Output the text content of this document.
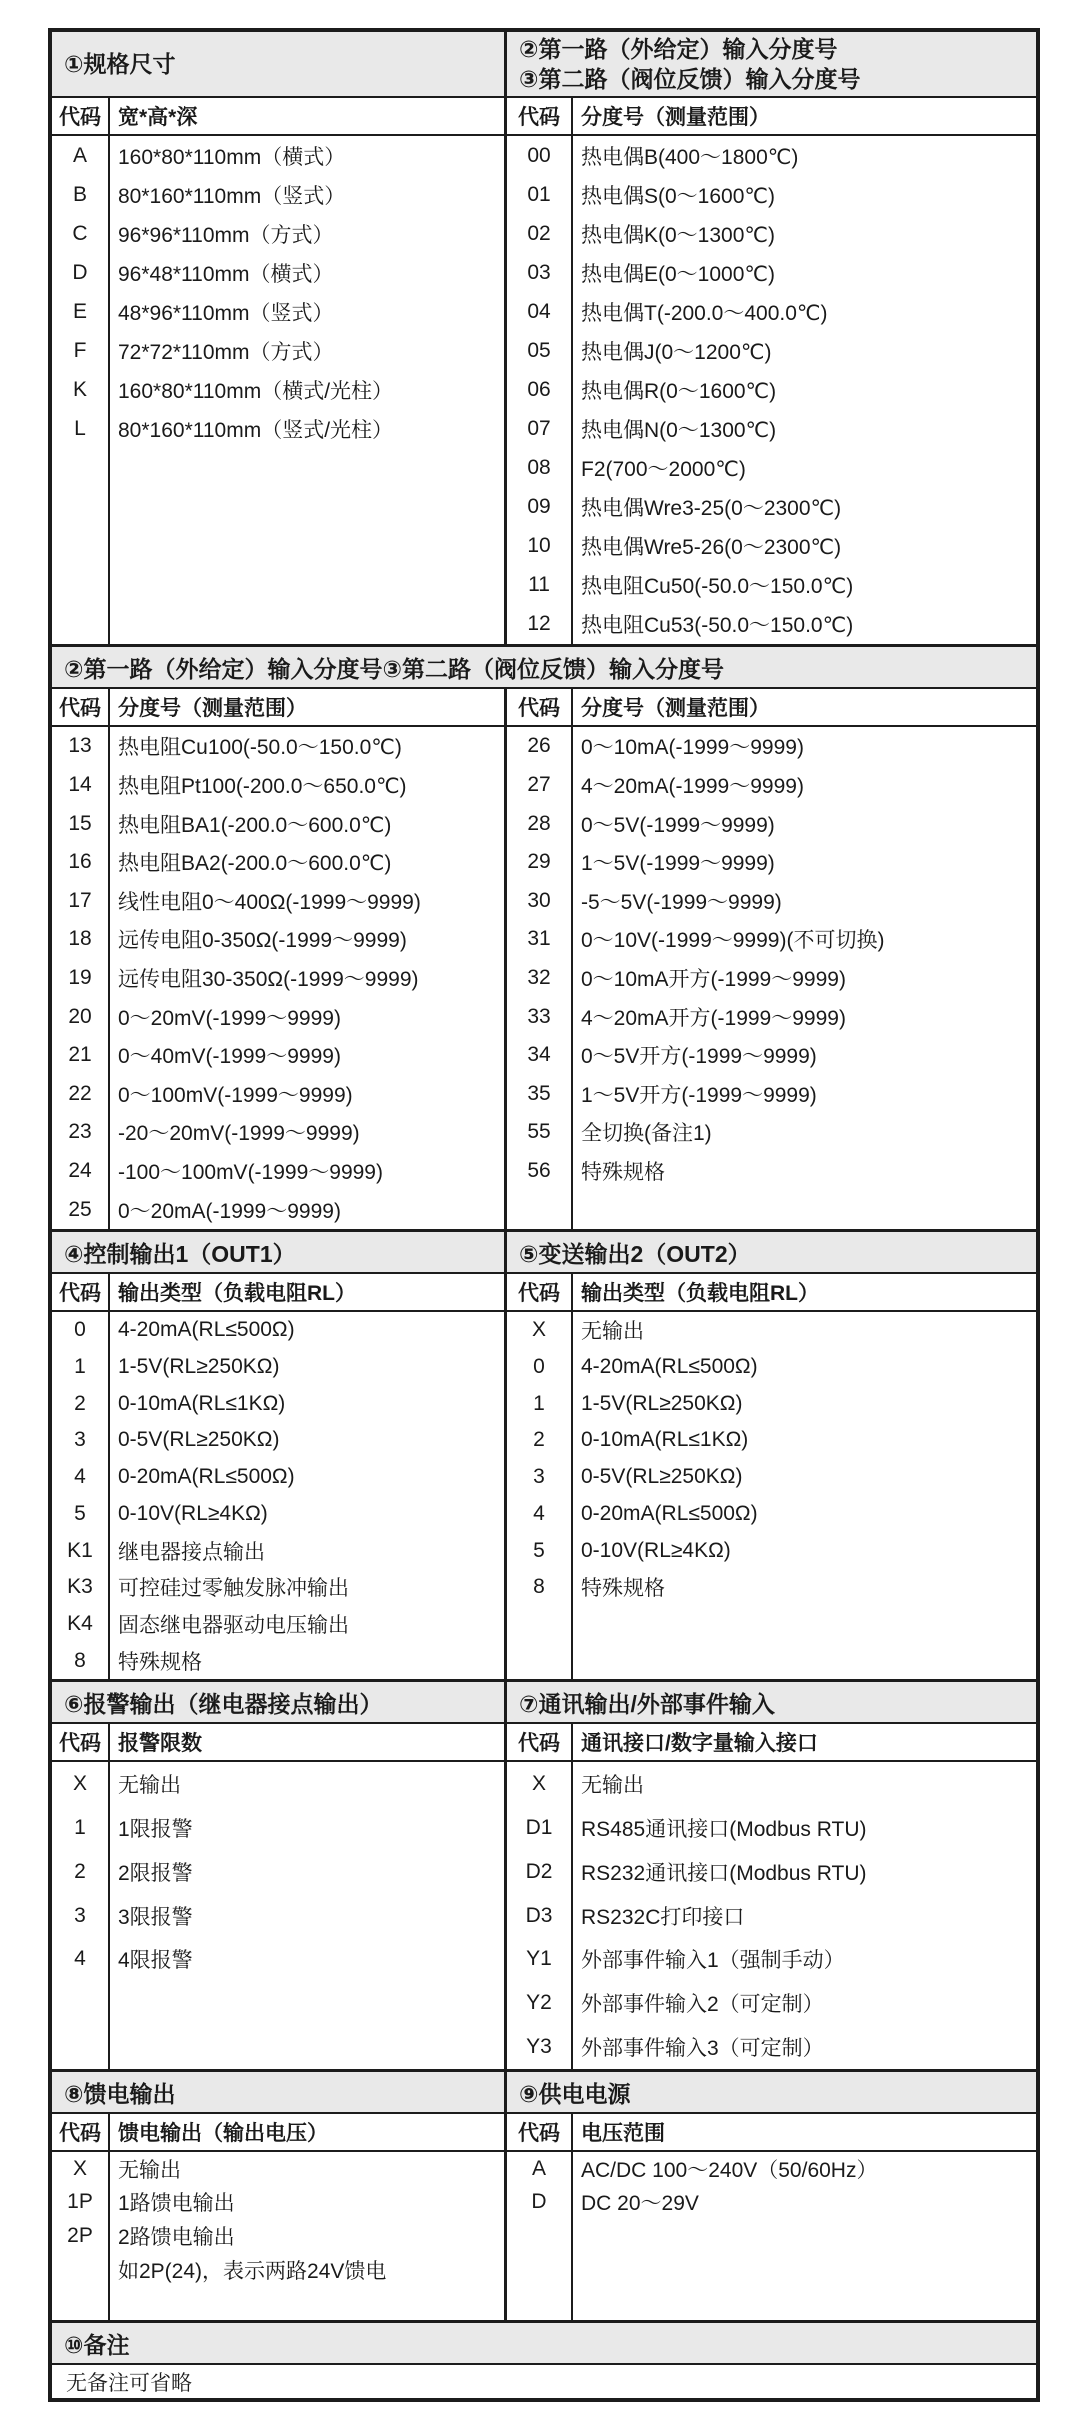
①规格尺寸
代码 宽*高*深
A	160*80*110mm（横式）
B	80*160*110mm（竖式）
C	96*96*110mm（方式）
D	96*48*110mm（横式）
E	48*96*110mm（竖式）
F	72*72*110mm（方式）
K	160*80*110mm（横式/光柱）
L	80*160*110mm（竖式/光柱）
②第一路（外给定）输入分度号
③第二路（阀位反馈）输入分度号
代码	分度号（测量范围）
00	热电偶B(400～1800℃)
01	热电偶S(0～1600℃)
02	热电偶K(0～1300℃)
03	热电偶E(0～1000℃)
04	热电偶T(-200.0～400.0℃)
05	热电偶J(0～1200℃)
06	热电偶R(0～1600℃)
07	热电偶N(0～1300℃)
08	F2(700～2000℃)
09	热电偶Wre3-25(0～2300℃)
10	热电偶Wre5-26(0～2300℃)
11	热电阻Cu50(-50.0～150.0℃)
12	热电阻Cu53(-50.0～150.0℃)
②第一路（外给定）输入分度号③第二路（阀位反馈）输入分度号
代码 分度号（测量范围）
13	热电阻Cu100(-50.0～150.0℃)
14	热电阻Pt100(-200.0～650.0℃)
15	热电阻BA1(-200.0～600.0℃)
16	热电阻BA2(-200.0～600.0℃)
17	线性电阻0～400Ω(-1999～9999)
18	远传电阻0-350Ω(-1999～9999)
19	远传电阻30-350Ω(-1999～9999)
20	0～20mV(-1999～9999)
21	0～40mV(-1999～9999)
22	0～100mV(-1999～9999)
23	-20～20mV(-1999～9999)
24	-100～100mV(-1999～9999)
25	0～20mA(-1999～9999)
代码	分度号（测量范围）
26	0～10mA(-1999～9999)
27	4～20mA(-1999～9999)
28	0～5V(-1999～9999)
29	1～5V(-1999～9999)
30	-5～5V(-1999～9999)
31	0～10V(-1999～9999)(不可切换)
32	0～10mA开方(-1999～9999)
33	4～20mA开方(-1999～9999)
34	0～5V开方(-1999～9999)
35	1～5V开方(-1999～9999)
55	全切换(备注1)
56	特殊规格
④控制输出1（OUT1）
代码 输出类型（负载电阻RL）
0	4-20mA(RL≤500Ω)
1	1-5V(RL≥250KΩ)
2	0-10mA(RL≤1KΩ)
3	0-5V(RL≥250KΩ)
4	0-20mA(RL≤500Ω)
5	0-10V(RL≥4KΩ)
K1	继电器接点输出
K3	可控硅过零触发脉冲输出
K4	固态继电器驱动电压输出
8	特殊规格
⑤变送输出2（OUT2）
代码	输出类型（负载电阻RL）
X	无输出
0	4-20mA(RL≤500Ω)
1	1-5V(RL≥250KΩ)
2	0-10mA(RL≤1KΩ)
3	0-5V(RL≥250KΩ)
4	0-20mA(RL≤500Ω)
5	0-10V(RL≥4KΩ)
8	特殊规格
⑥报警输出（继电器接点输出）
代码 报警限数
X	无输出
1	1限报警
2	2限报警
3	3限报警
4	4限报警
⑦通讯输出/外部事件输入
代码	通讯接口/数字量输入接口
X	无输出
D1	RS485通讯接口(Modbus RTU)
D2	RS232通讯接口(Modbus RTU)
D3	RS232C打印接口
Y1	外部事件输入1（强制手动）
Y2	外部事件输入2（可定制）
Y3	外部事件输入3（可定制）
⑧馈电输出
代码 馈电输出（输出电压）
X	无输出
1P	1路馈电输出
2P	2路馈电输出
如2P(24)，表示两路24V馈电
⑨供电电源
代码	电压范围
A	AC/DC 100～240V（50/60Hz）
D	DC 20～29V
⑩备注
无备注可省略
